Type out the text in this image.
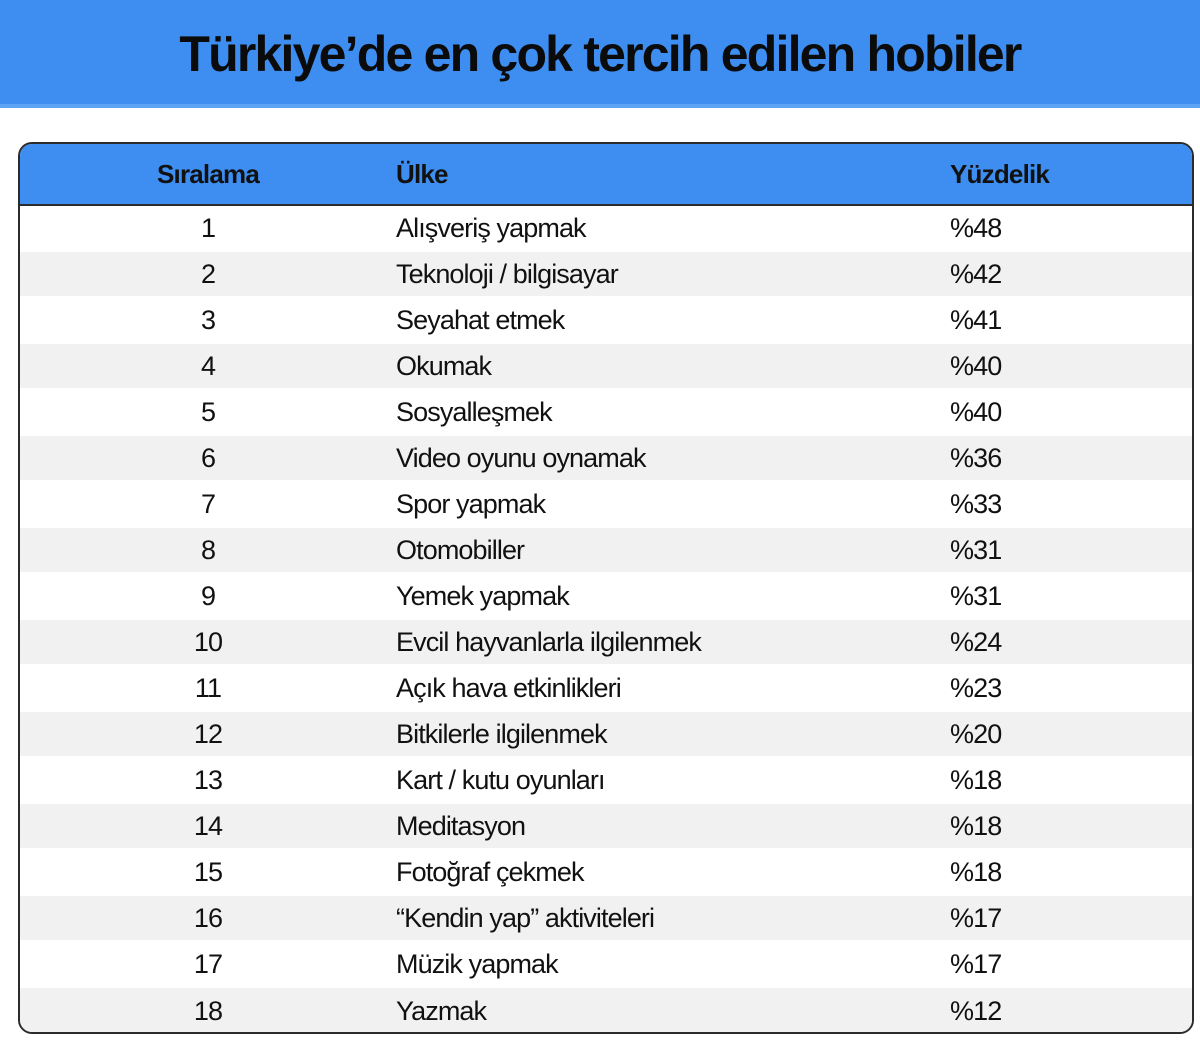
Türkiye’de en çok tercih edilen hobiler
Sıralama	Ülke	Yüzdelik
1	Alışveriş yapmak	%48
2	Teknoloji / bilgisayar	%42
3	Seyahat etmek	%41
4	Okumak	%40
5	Sosyalleşmek	%40
6	Video oyunu oynamak	%36
7	Spor yapmak	%33
8	Otomobiller	%31
9	Yemek yapmak	%31
10	Evcil hayvanlarla ilgilenmek	%24
11	Açık hava etkinlikleri	%23
12	Bitkilerle ilgilenmek	%20
13	Kart / kutu oyunları	%18
14	Meditasyon	%18
15	Fotoğraf çekmek	%18
16	“Kendin yap” aktiviteleri	%17
17	Müzik yapmak	%17
18	Yazmak	%12
